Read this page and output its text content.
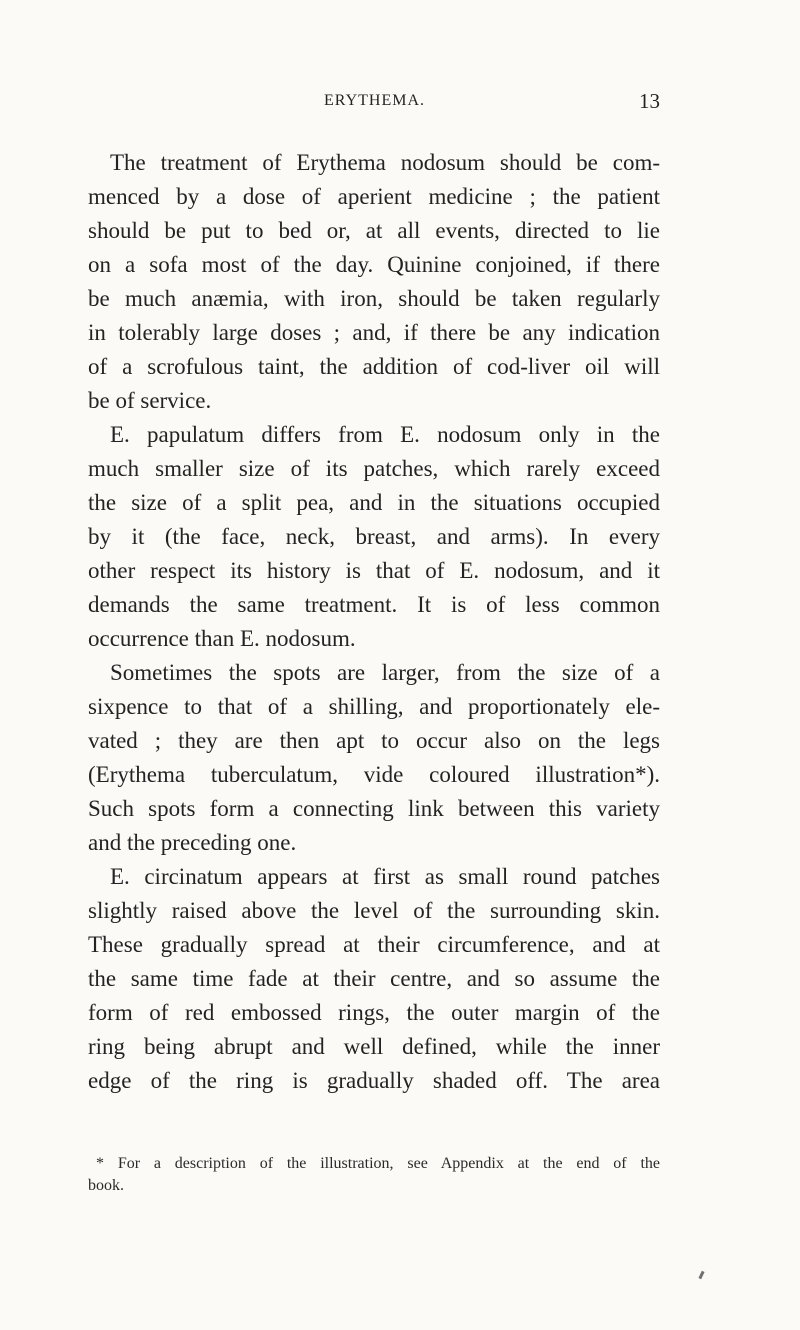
ERYTHEMA.	13
The treatment of Erythema nodosum should be com-
menced by a dose of aperient medicine ; the patient
should be put to bed or, at all events, directed to lie
on a sofa most of the day. Quinine conjoined, if there
be much anæmia, with iron, should be taken regularly
in tolerably large doses ; and, if there be any indication
of a scrofulous taint, the addition of cod-liver oil will
be of service.
E. papulatum differs from E. nodosum only in the
much smaller size of its patches, which rarely exceed
the size of a split pea, and in the situations occupied
by it (the face, neck, breast, and arms). In every
other respect its history is that of E. nodosum, and it
demands the same treatment. It is of less common
occurrence than E. nodosum.
Sometimes the spots are larger, from the size of a
sixpence to that of a shilling, and proportionately ele-
vated ; they are then apt to occur also on the legs
(Erythema tuberculatum, vide coloured illustration*).
Such spots form a connecting link between this variety
and the preceding one.
E. circinatum appears at first as small round patches
slightly raised above the level of the surrounding skin.
These gradually spread at their circumference, and at
the same time fade at their centre, and so assume the
form of red embossed rings, the outer margin of the
ring being abrupt and well defined, while the inner
edge of the ring is gradually shaded off. The area
* For a description of the illustration, see Appendix at the end of the
book.
